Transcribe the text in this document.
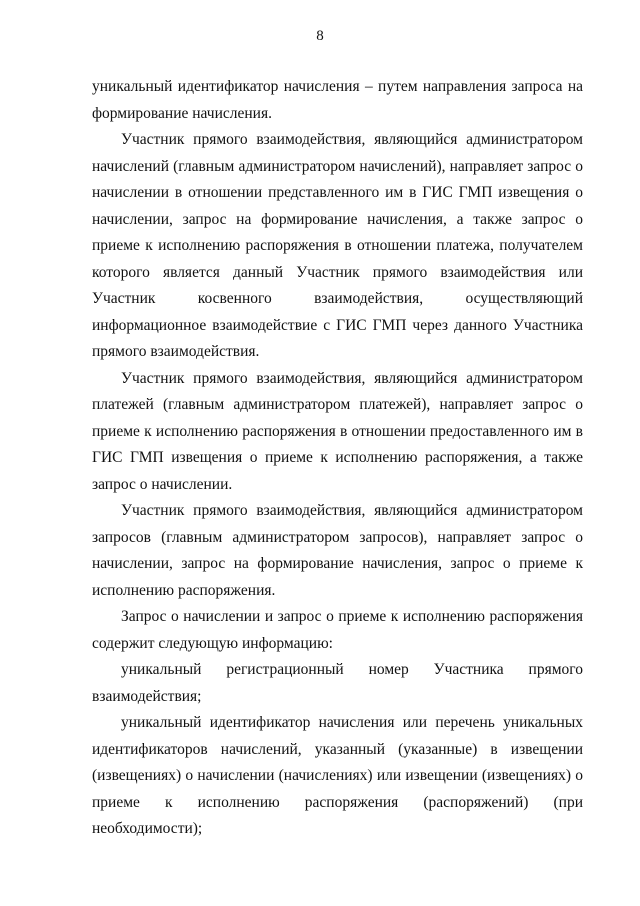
8

уникальный идентификатор начисления – путем направления запроса на формирование начисления.

Участник прямого взаимодействия, являющийся администратором начислений (главным администратором начислений), направляет запрос о начислении в отношении представленного им в ГИС ГМП извещения о начислении, запрос на формирование начисления, а также запрос о приеме к исполнению распоряжения в отношении платежа, получателем которого является данный Участник прямого взаимодействия или Участник косвенного взаимодействия, осуществляющий информационное взаимодействие с ГИС ГМП через данного Участника прямого взаимодействия.

Участник прямого взаимодействия, являющийся администратором платежей (главным администратором платежей), направляет запрос о приеме к исполнению распоряжения в отношении предоставленного им в ГИС ГМП извещения о приеме к исполнению распоряжения, а также запрос о начислении.

Участник прямого взаимодействия, являющийся администратором запросов (главным администратором запросов), направляет запрос о начислении, запрос на формирование начисления, запрос о приеме к исполнению распоряжения.

Запрос о начислении и запрос о приеме к исполнению распоряжения содержит следующую информацию:

уникальный регистрационный номер Участника прямого взаимодействия;

уникальный идентификатор начисления или перечень уникальных идентификаторов начислений, указанный (указанные) в извещении (извещениях) о начислении (начислениях) или извещении (извещениях) о приеме к исполнению распоряжения (распоряжений) (при необходимости);
